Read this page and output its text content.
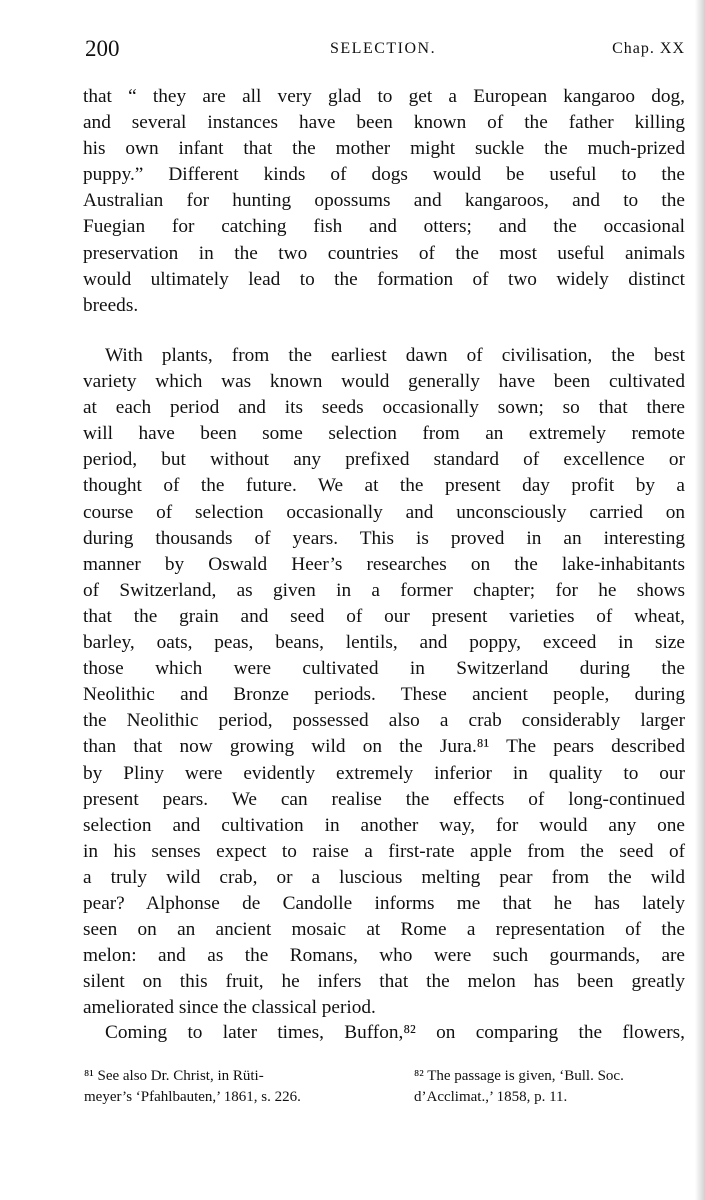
200	SELECTION.	Chap. XX
that “ they are all very glad to get a European kangaroo dog,
and several instances have been known of the father killing
his own infant that the mother might suckle the much-prized
puppy.” Different kinds of dogs would be useful to the
Australian for hunting opossums and kangaroos, and to the
Fuegian for catching fish and otters; and the occasional
preservation in the two countries of the most useful animals
would ultimately lead to the formation of two widely distinct
breeds.
With plants, from the earliest dawn of civilisation, the best
variety which was known would generally have been cultivated
at each period and its seeds occasionally sown; so that there
will have been some selection from an extremely remote
period, but without any prefixed standard of excellence or
thought of the future. We at the present day profit by a
course of selection occasionally and unconsciously carried on
during thousands of years. This is proved in an interesting
manner by Oswald Heer’s researches on the lake-inhabitants
of Switzerland, as given in a former chapter; for he shows
that the grain and seed of our present varieties of wheat,
barley, oats, peas, beans, lentils, and poppy, exceed in size
those which were cultivated in Switzerland during the
Neolithic and Bronze periods. These ancient people, during
the Neolithic period, possessed also a crab considerably larger
than that now growing wild on the Jura.⁸¹ The pears described
by Pliny were evidently extremely inferior in quality to our
present pears. We can realise the effects of long-continued
selection and cultivation in another way, for would any one
in his senses expect to raise a first-rate apple from the seed of
a truly wild crab, or a luscious melting pear from the wild
pear? Alphonse de Candolle informs me that he has lately
seen on an ancient mosaic at Rome a representation of the
melon: and as the Romans, who were such gourmands, are
silent on this fruit, he infers that the melon has been greatly
ameliorated since the classical period.
Coming to later times, Buffon,⁸² on comparing the flowers,
⁸¹ See also Dr. Christ, in Rüti-
meyer’s ‘Pfahlbauten,’ 1861, s. 226.
⁸² The passage is given, ‘Bull. Soc.
d’Acclimat.,’ 1858, p. 11.
